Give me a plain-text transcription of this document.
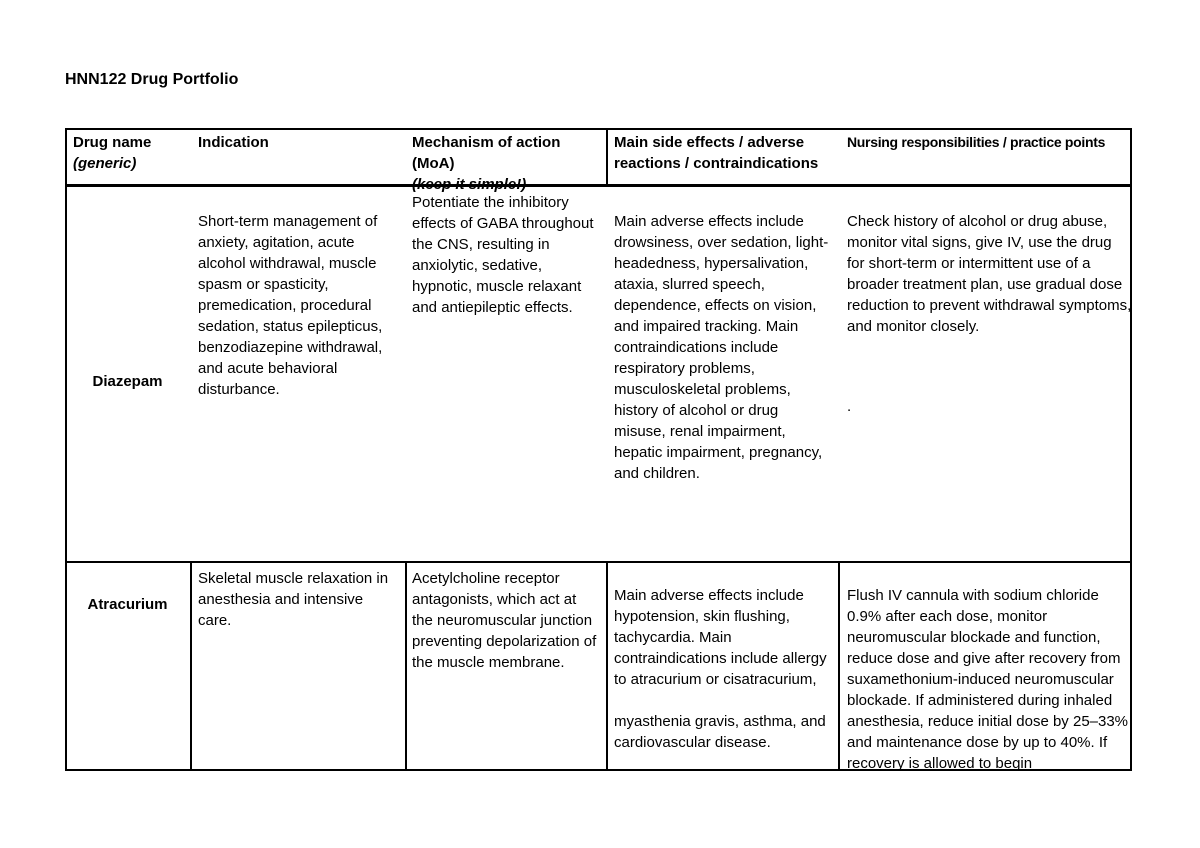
HNN122 Drug Portfolio
Drug name
(generic)
Indication	Mechanism of action
(MoA)
(keep it simple!)
Main side effects / adverse reactions / contraindications
Nursing responsibilities / practice points
Diazepam
Short-term management of anxiety, agitation, acute alcohol withdrawal, muscle spasm or spasticity, premedication, procedural sedation, status epilepticus, benzodiazepine withdrawal, and acute behavioral disturbance.
Potentiate the inhibitory effects of GABA throughout the CNS, resulting in anxiolytic, sedative, hypnotic, muscle relaxant and antiepileptic effects.
Main adverse effects include drowsiness, over sedation, light-headedness, hypersalivation, ataxia, slurred speech, dependence, effects on vision, and impaired tracking. Main contraindications include respiratory problems, musculoskeletal problems, history of alcohol or drug misuse, renal impairment, hepatic impairment, pregnancy, and children.
Check history of alcohol or drug abuse, monitor vital signs, give IV, use the drug for short-term or intermittent use of a broader treatment plan, use gradual dose reduction to prevent withdrawal symptoms, and monitor closely.
.
Atracurium
Skeletal muscle relaxation in anesthesia and intensive care.
Acetylcholine receptor antagonists, which act at the neuromuscular junction preventing depolarization of the muscle membrane.
Main adverse effects include hypotension, skin flushing, tachycardia. Main contraindications include allergy to atracurium or cisatracurium,
myasthenia gravis, asthma, and cardiovascular disease.
Flush IV cannula with sodium chloride 0.9% after each dose, monitor neuromuscular blockade and function, reduce dose and give after recovery from suxamethonium-induced neuromuscular blockade. If administered during inhaled anesthesia, reduce initial dose by 25–33% and maintenance dose by up to 40%. If recovery is allowed to begin
